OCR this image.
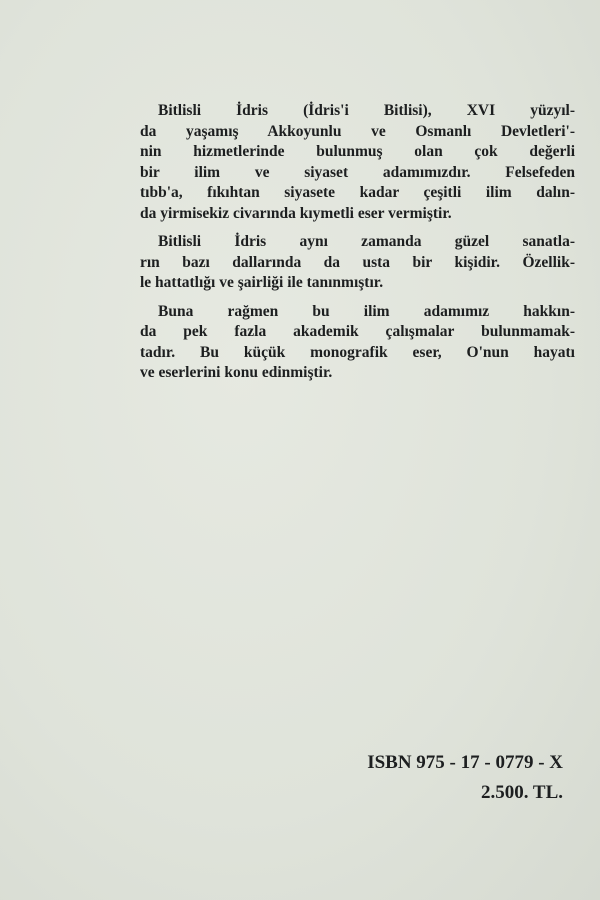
Bitlisli İdris (İdris'i Bitlisi), XVI yüzyıl-
da yaşamış Akkoyunlu ve Osmanlı Devletleri'-
nin hizmetlerinde bulunmuş olan çok değerli
bir ilim ve siyaset adamımızdır. Felsefeden
tıbb'a, fıkıhtan siyasete kadar çeşitli ilim dalın-
da yirmisekiz civarında kıymetli eser vermiştir.
Bitlisli İdris aynı zamanda güzel sanatla-
rın bazı dallarında da usta bir kişidir. Özellik-
le hattatlığı ve şairliği ile tanınmıştır.
Buna rağmen bu ilim adamımız hakkın-
da pek fazla akademik çalışmalar bulunmamak-
tadır. Bu küçük monografik eser, O'nun hayatı
ve eserlerini konu edinmiştir.
ISBN 975 - 17 - 0779 - X
2.500. TL.
